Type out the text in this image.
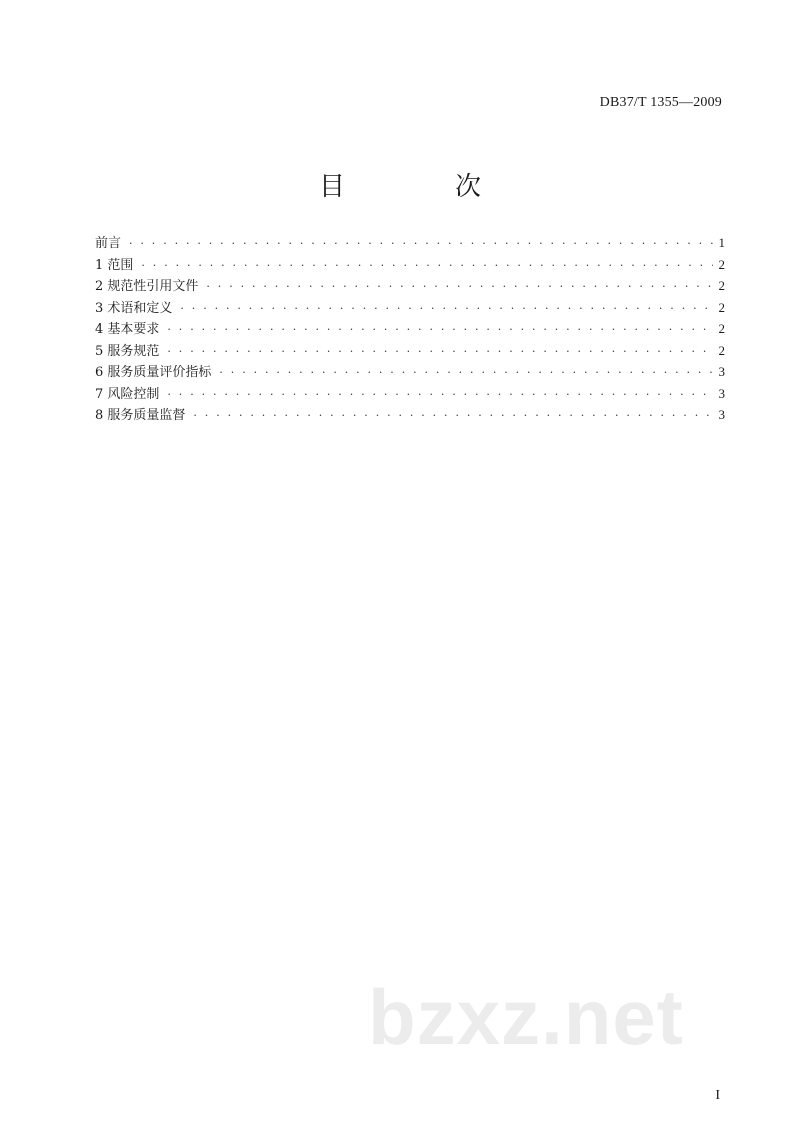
DB37/T 1355—2009
目　次
前言 · · ·	1
1 范围 · · ·	2
2 规范性引用文件 · · ·	2
3 术语和定义 · · ·	2
4 基本要求 · · ·	2
5 服务规范 · · ·	2
6 服务质量评价指标 · · ·	3
7 风险控制 · · ·	3
8 服务质量监督 · · ·	3
bzxz.net
I
